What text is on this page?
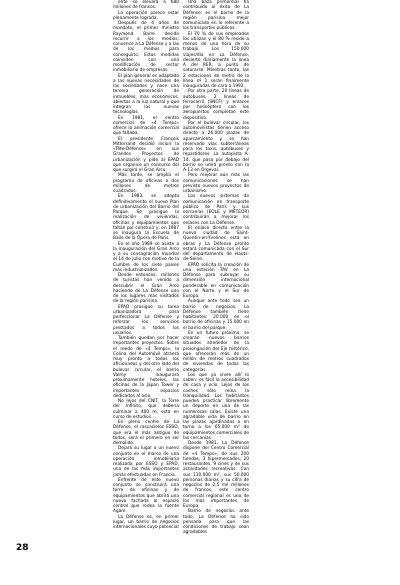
ente se elevará a 680 millones de francos.

La operación parece estar plenamente lograda.

Después de 4 años de mandato, el primer ministro Raymond Barre decide recurrir a los medios; convence a La Défense y a las de los medios para conseguirlo. Estas medidas coinciden con una modificación de sector inmobiliario de empresas.

El plan general es adaptado a las nuevas necesidades de las sociedades y nace una tercera generación de inmuebles, más económicos, abiertos a la luz natural y que integran las nuevas tecnologías.

En 1981, el centro comercial de «4 Temps» ofrece la animación comercial que faltaba.

El presidente François Mitterrand decidió incluir la «Tête-Défense» en sus Grandes Proyectos de urbanización y pide al EPAD que organice un concurso del que surgirá el Gran Arco.

Más tarde, se amplía el programa de oficinas a dos millones de metros cuadrados.

En 1983, se adopta definitivamente el nuevo Plan de urbanización del Barrio del Parque. Se prosigue la realización de viviendas, oficinas y equipamientos que faltan por construir y, en 1987 se inaugura la Escuela de Baile de la Ópera de París.

En el año 1989 se asiste a la inauguración del Gran Arco y a su consagración mundial el 14 de julio con motivo de la Cumbre de los siete países más industrializados.

Desde entonces, millones de turistas han venido a descubrir el Gran Arco haciendo de La Défense uno de los lugares más visitados de la región parisina.

EPAD prosigue su tarea urbanizadora para perfeccionar La Défense y reforzar los servicios prestados a todos los usuarios.

También quedan por hacer importantes proyectos. Sobre el reedo de «4 Temps», la Colina del Automóvil atraerá muy pronto a todos los aficionados y del otro lado del bulevar circular, el barrio Valmy inaugurará próximamente hoteles, las oficinas de la Japan Tower y importantes espacios dedicados al ocio.

No lejos del CNIT, la Torre del Infinito, que debería culminar a 400 m, está en curso de estudios.

En pleno centro de La Défense, el rascacielos ESSO, que era el más antiguo de todos, será el primero en ser demolido.

Dejará su lugar a un nuevo conjunto en el marco de una operación inmobiliaria realizada por ESSO y EPAD, una de las más importantes jamás efectuadas en Francia.

Enfrente de este nuevo conjunto se construirá una torre de oficinas y de equipamientos que abrirá una nueva fachada al espacio central que rodea la fuente Agam.

La Défense es, en primer lugar, un barrio de negocios internacionales cuyo potencial

Una baza primordial ha contribuido al éxito de La Défense: es el barrio de la región parisina mejor comunicado en lo referente a los transportes públicos.

El 70 % de sus empleados los utilizan y el 80 % reside a menos de una hora de su trabajo. Los 150.000 viajes/día en La Défense, desierto diariamente la línea A del RER, a punto de saturarse. Mientras tanto, las 2 estaciones de metro de la línea nº 1 serán finalmente inauguradas de cara a 1992.

Por otra parte, 20 líneas de autobuses, 2 líneas de ferrocarril (SNCF) y enlaces por helicóptero con los aeropuertos completan este dispositivo.

Por el bulevar circular, los automovilistas tienen acceso directo a 26.000 plazas de aparcamiento y se han reservado vías subterráneas para los taxis, autobuses y repartidores. La autopista A-14, que pasa por debajo del barrio se unirá pronto con la A-13 en Orgeval.

Pero mejorar aún más las comunicaciones se han previsto nuevos proyectos de urbanismo.

Los nuevos sistemas de comunicación en transporte público de París y sus cercanías (EOLE y METEOR) contribuirán a mejorar los enlaces con La Défense.

El enlace directo entre la nueva ciudad de Saint-Quentin-en-Yvelines está en obras y La Défense pronto estará comunicada con el Sur del departamento de Hauts-de-Seine.

EPAD solicita la creación de una estación TAV en La Défense para subrayar su dimensión internacional ponderable en comunicación con el Norte y el Sur de Europa.

Aunque ante todo sea un barrio de negocios, La Défense también tiene habitantes: 20.000 en el barrio de oficinas y 15.000 en el barrio del parque.

En un futuro próximo, se crearán nuevos barrios situados alrededor de la prolongación del Eje histórico, que ofrecerán más de un millón de metros cuadrados de viviendas de todas las categorías.

Los que ya viven allí lo saben: es fácil la accesibilidad de casa y ocio. Lejos de los coches sólo reina la tranquilidad. Los habitantes pueden practicar libremente un deporte en una de las numerosas salas. Existe una agradable vida de barrio en las plazas ajardinadas o en torno a los 65.000 m² de equipamientos comerciales de las cercanías.

Desde 1981, La Défense dispone del Centro Comercial de «4 Temps», de sus 200 tiendas, 3 hipermercados, 20 restaurantes, 9 cines y de sus actividades recreativas. Con sus 110.000 m², sus 50.000 personas diarias y su cifra de negocios de 2,5 mil millones de francos, este centro comercial regional es uno de los más importantes de Europa.

Barrio de negocios ante todo, La Défense ha sido pensada para que las condiciones de trabajo sean agradables

28
